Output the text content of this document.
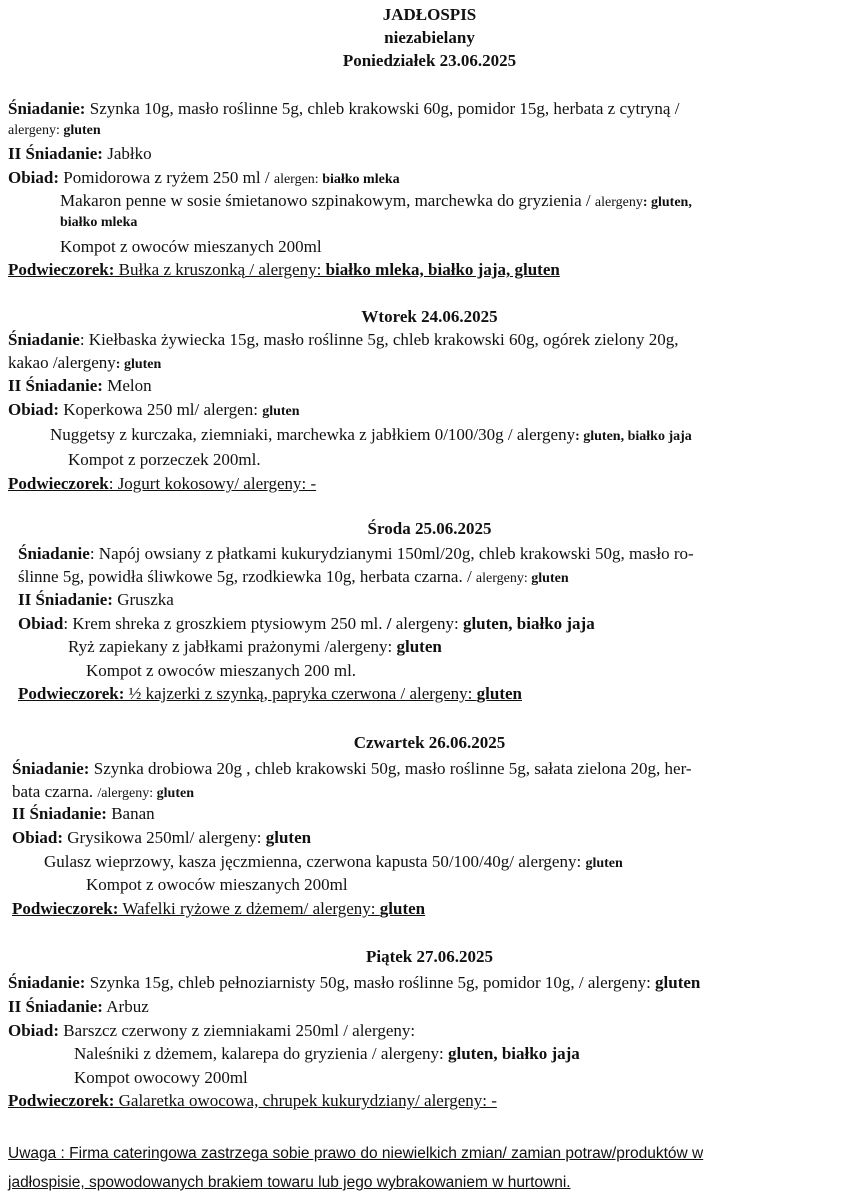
JADŁOSPIS
niezabielany
Poniedziałek 23.06.2025
Śniadanie: Szynka 10g, masło roślinne 5g, chleb krakowski 60g, pomidor 15g, herbata z cytryną /
alergeny: gluten
II Śniadanie: Jabłko
Obiad: Pomidorowa z ryżem 250 ml / alergen: białko mleka
Makaron penne w sosie śmietanowo szpinakowym, marchewka do gryzienia / alergeny: gluten,
białko mleka
Kompot z owoców mieszanych 200ml
Podwieczorek: Bułka z kruszonką / alergeny: białko mleka, białko jaja, gluten
Wtorek 24.06.2025
Śniadanie: Kiełbaska żywiecka 15g, masło roślinne 5g, chleb krakowski 60g, ogórek zielony 20g,
kakao /alergeny: gluten
II Śniadanie: Melon
Obiad: Koperkowa 250 ml/ alergen: gluten
Nuggetsy z kurczaka, ziemniaki, marchewka z jabłkiem 0/100/30g / alergeny: gluten, białko jaja
Kompot z porzeczek 200ml.
Podwieczorek: Jogurt kokosowy/ alergeny: -
Środa 25.06.2025
Śniadanie: Napój owsiany z płatkami kukurydzianymi 150ml/20g, chleb krakowski 50g, masło ro-
ślinne 5g, powidła śliwkowe 5g, rzodkiewka 10g, herbata czarna. / alergeny: gluten
II Śniadanie: Gruszka
Obiad: Krem shreka z groszkiem ptysiowym 250 ml. / alergeny: gluten, białko jaja
Ryż zapiekany z jabłkami prażonymi /alergeny: gluten
Kompot z owoców mieszanych 200 ml.
Podwieczorek: ½ kajzerki z szynką, papryka czerwona / alergeny: gluten
Czwartek 26.06.2025
Śniadanie: Szynka drobiowa 20g , chleb krakowski 50g, masło roślinne 5g, sałata zielona 20g, her-
bata czarna. /alergeny: gluten
II Śniadanie: Banan
Obiad: Grysikowa 250ml/ alergeny: gluten
Gulasz wieprzowy, kasza jęczmienna, czerwona kapusta 50/100/40g/ alergeny: gluten
Kompot z owoców mieszanych 200ml
Podwieczorek: Wafelki ryżowe z dżemem/ alergeny: gluten
Piątek 27.06.2025
Śniadanie: Szynka 15g, chleb pełnoziarnisty 50g, masło roślinne 5g, pomidor 10g, / alergeny: gluten
II Śniadanie: Arbuz
Obiad: Barszcz czerwony z ziemniakami 250ml / alergeny:
Naleśniki z dżemem, kalarepa do gryzienia / alergeny: gluten, białko jaja
Kompot owocowy 200ml
Podwieczorek: Galaretka owocowa, chrupek kukurydziany/ alergeny: -
Uwaga : Firma cateringowa zastrzega sobie prawo do niewielkich zmian/ zamian potraw/produktów w
jadłospisie, spowodowanych brakiem towaru lub jego wybrakowaniem w hurtowni.
